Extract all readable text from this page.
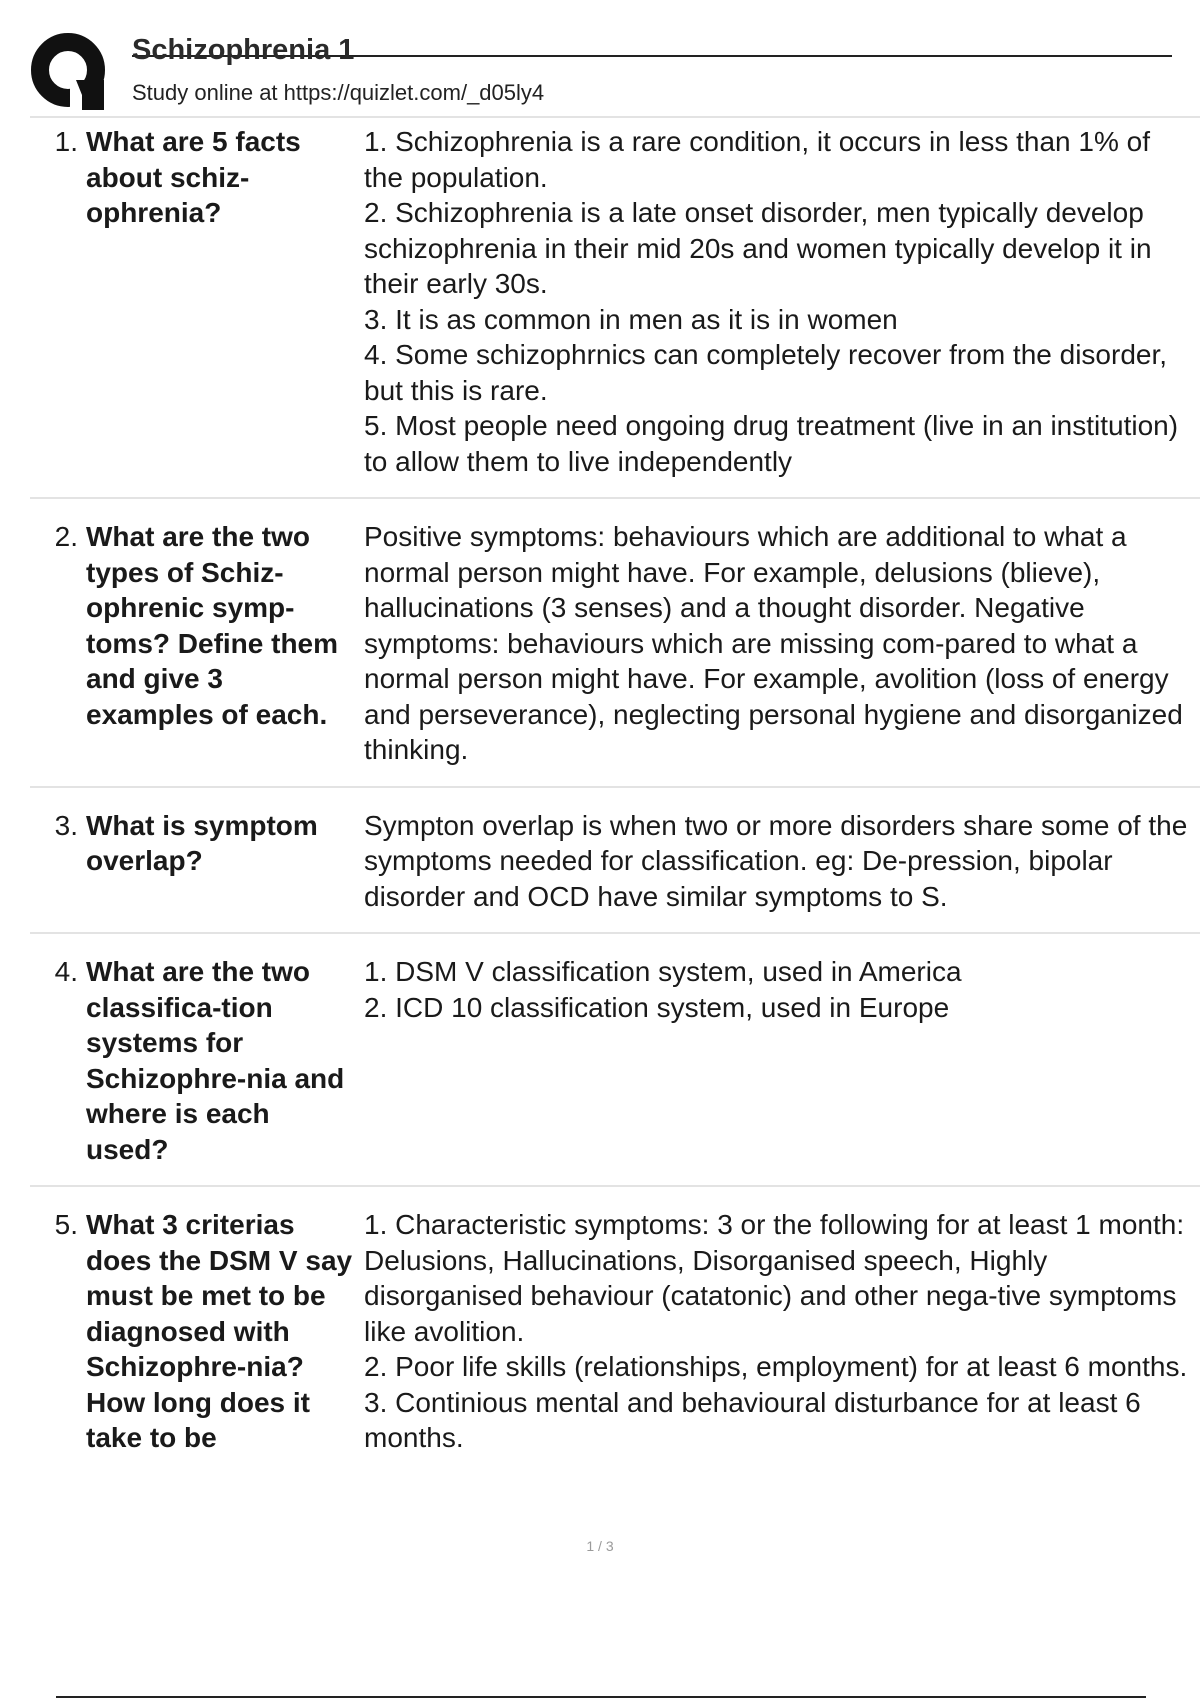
Schizophrenia 1
Study online at https://quizlet.com/_d05ly4
1. What are 5 facts about schiz-ophrenia?
1. Schizophrenia is a rare condition, it occurs in less than 1% of the population.
2. Schizophrenia is a late onset disorder, men typically develop schizophrenia in their mid 20s and women typically develop it in their early 30s.
3. It is as common in men as it is in women
4. Some schizophrnics can completely recover from the disorder, but this is rare.
5. Most people need ongoing drug treatment (live in an institution) to allow them to live independently
2. What are the two types of Schiz-ophrenic symp-toms? Define them and give 3 examples of each.
Positive symptoms: behaviours which are additional to what a normal person might have. For example, delusions (blieve), hallucinations (3 senses) and a thought disorder. Negative symptoms: behaviours which are missing com-pared to what a normal person might have. For example, avolition (loss of energy and perseverance), neglecting personal hygiene and disorganized thinking.
3. What is symptom overlap?
Sympton overlap is when two or more disorders share some of the symptoms needed for classification. eg: De-pression, bipolar disorder and OCD have similar symptoms to S.
4. What are the two classifica-tion systems for Schizophre-nia and where is each used?
1. DSM V classification system, used in America
2. ICD 10 classification system, used in Europe
5. What 3 criterias does the DSM V say must be met to be diagnosed with Schizophre-nia? How long does it take to be
1. Characteristic symptoms: 3 or the following for at least 1 month: Delusions, Hallucinations, Disorganised speech, Highly disorganised behaviour (catatonic) and other nega-tive symptoms like avolition.
2. Poor life skills (relationships, employment) for at least 6 months.
3. Continious mental and behavioural disturbance for at least 6 months.
1 / 3
